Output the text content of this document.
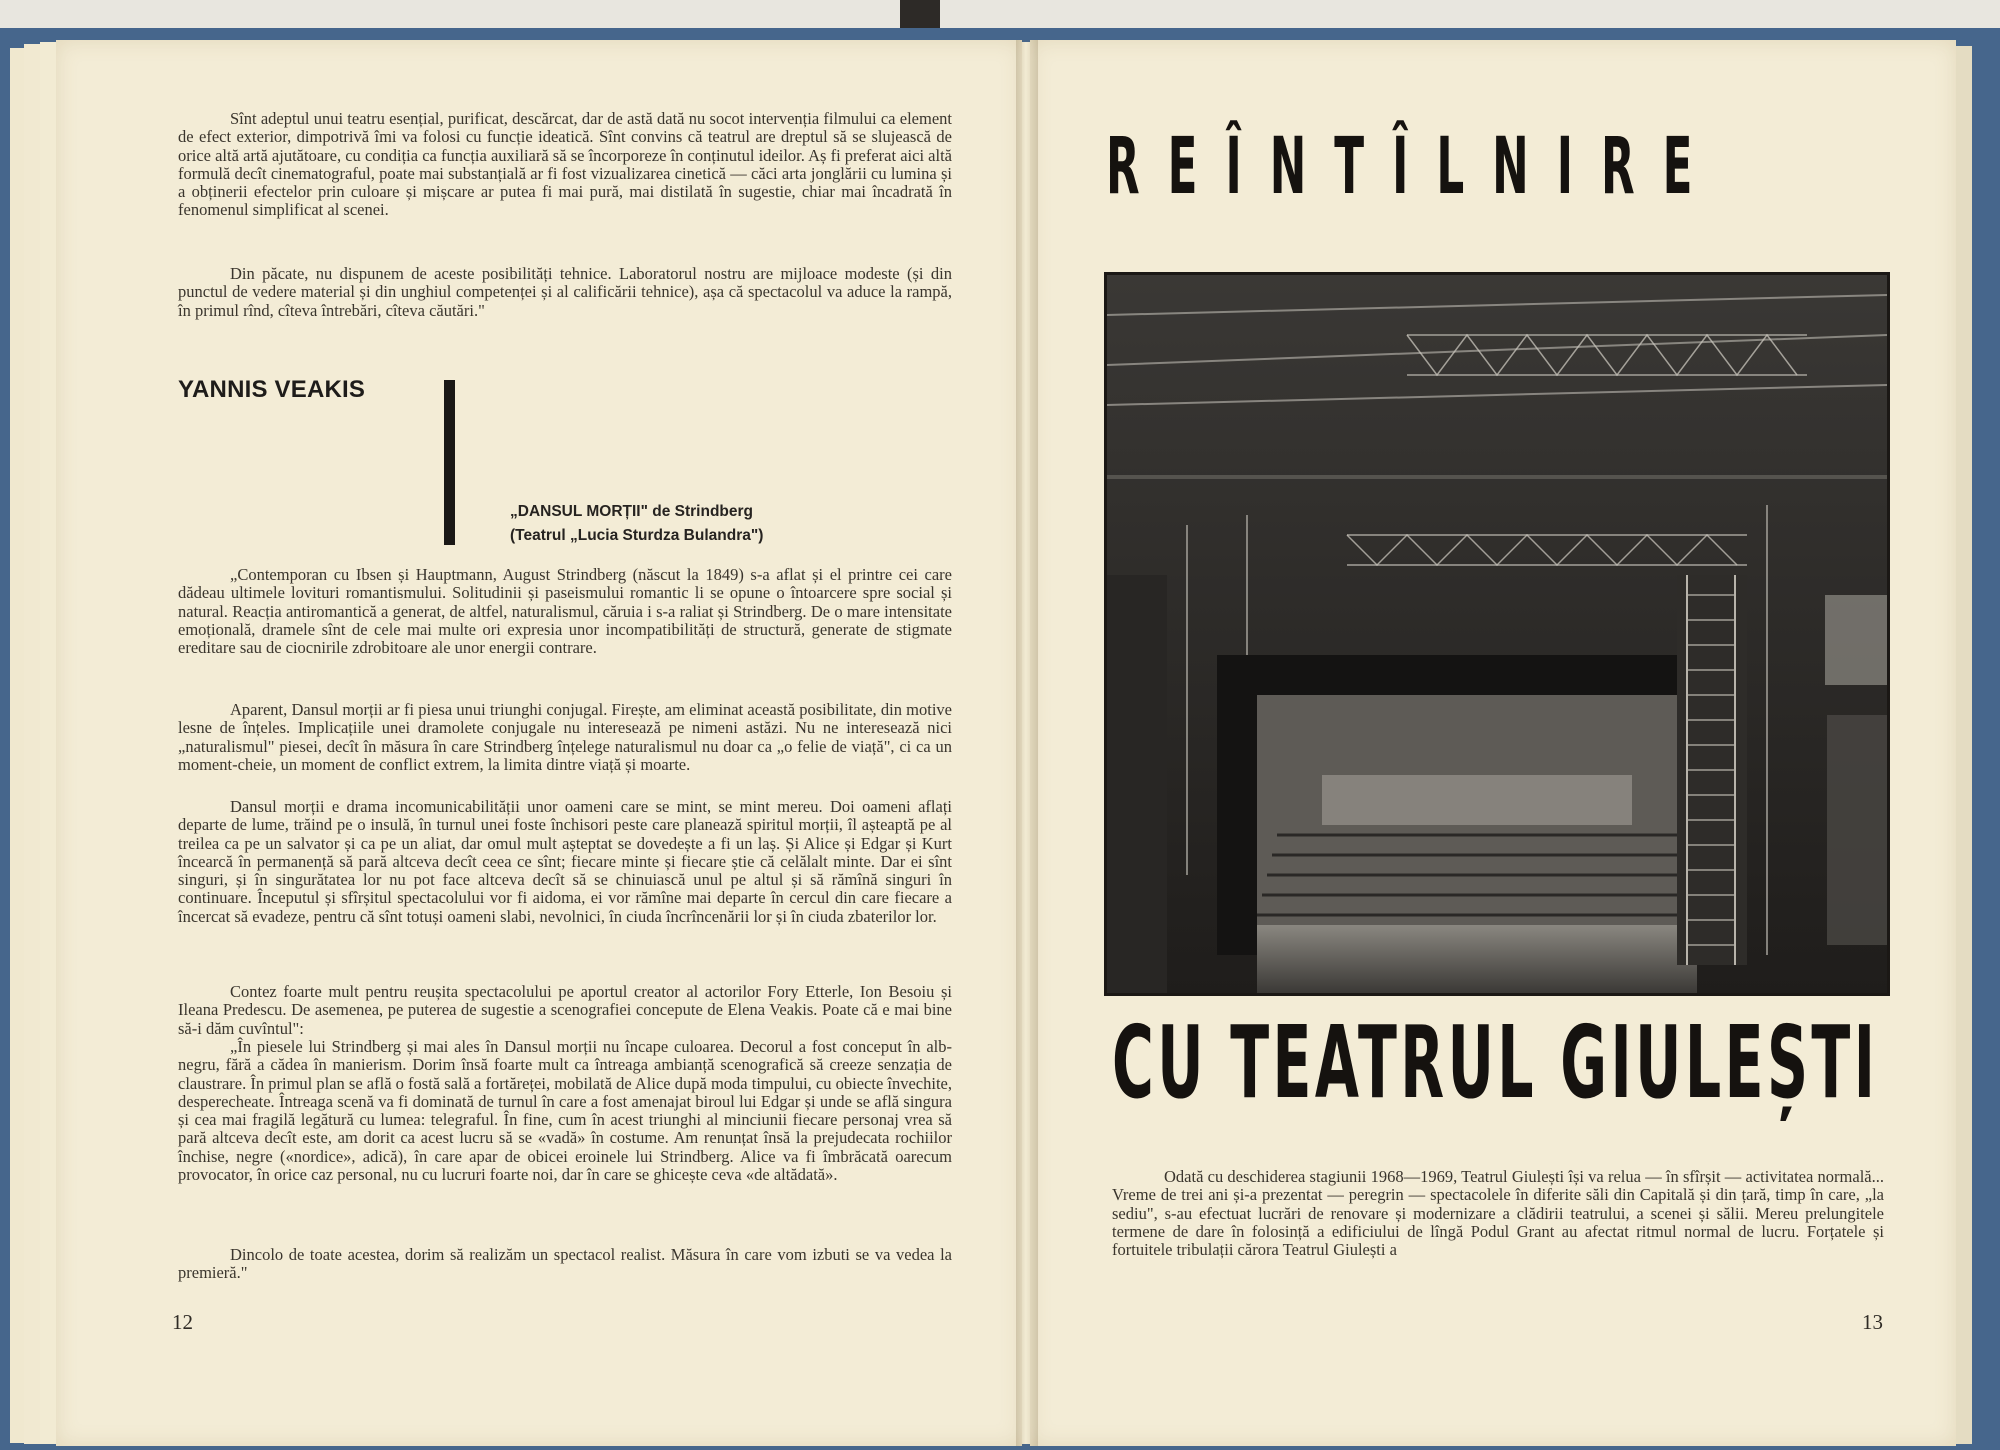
Sînt adeptul unui teatru esențial, purificat, descărcat, dar de astă dată nu socot intervenția filmului ca element de efect exterior, dimpotrivă îmi va folosi cu funcție ideatică. Sînt convins că teatrul are dreptul să se slujească de orice altă artă ajutătoare, cu condiția ca funcția auxiliară să se încorporeze în conținutul ideilor. Aș fi preferat aici altă formulă decît cinematograful, poate mai substanțială ar fi fost vizualizarea cinetică — căci arta jonglării cu lumina și a obținerii efectelor prin culoare și mișcare ar putea fi mai pură, mai distilată în sugestie, chiar mai încadrată în fenomenul simplificat al scenei.

Din păcate, nu dispunem de aceste posibilități tehnice. Laboratorul nostru are mijloace modeste (și din punctul de vedere material și din unghiul competenței și al calificării tehnice), așa că spectacolul va aduce la rampă, în primul rînd, cîteva întrebări, cîteva căutări."

YANNIS VEAKIS
„DANSUL MORȚII" de Strindberg
(Teatrul „Lucia Sturdza Bulandra")

„Contemporan cu Ibsen și Hauptmann, August Strindberg (născut la 1849) s-a aflat și el printre cei care dădeau ultimele lovituri romantismului. Solitudinii și paseismului romantic li se opune o întoarcere spre social și natural. Reacția antiromantică a generat, de altfel, naturalismul, căruia i s-a raliat și Strindberg. De o mare intensitate emoțională, dramele sînt de cele mai multe ori expresia unor incompatibilități de structură, generate de stigmate ereditare sau de ciocnirile zdrobitoare ale unor energii contrare.

Aparent, Dansul morții ar fi piesa unui triunghi conjugal. Firește, am eliminat această posibilitate, din motive lesne de înțeles. Implicațiile unei dramolete conjugale nu interesează pe nimeni astăzi. Nu ne interesează nici „naturalismul" piesei, decît în măsura în care Strindberg înțelege naturalismul nu doar ca „o felie de viață", ci ca un moment-cheie, un moment de conflict extrem, la limita dintre viață și moarte.

Dansul morții e drama incomunicabilității unor oameni care se mint, se mint mereu. Doi oameni aflați departe de lume, trăind pe o insulă, în turnul unei foste închisori peste care planează spiritul morții, îl așteaptă pe al treilea ca pe un salvator și ca pe un aliat, dar omul mult așteptat se dovedește a fi un laș. Și Alice și Edgar și Kurt încearcă în permanență să pară altceva decît ceea ce sînt; fiecare minte și fiecare știe că celălalt minte. Dar ei sînt singuri, și în singurătatea lor nu pot face altceva decît să se chinuiască unul pe altul și să rămînă singuri în continuare. Începutul și sfîrșitul spectacolului vor fi aidoma, ei vor rămîne mai departe în cercul din care fiecare a încercat să evadeze, pentru că sînt totuși oameni slabi, nevolnici, în ciuda încrîncenării lor și în ciuda zbaterilor lor.

Contez foarte mult pentru reușita spectacolului pe aportul creator al actorilor Fory Etterle, Ion Besoiu și Ileana Predescu. De asemenea, pe puterea de sugestie a scenografiei concepute de Elena Veakis. Poate că e mai bine să-i dăm cuvîntul":

„În piesele lui Strindberg și mai ales în Dansul morții nu încape culoarea. Decorul a fost conceput în alb-negru, fără a cădea în manierism. Dorim însă foarte mult ca întreaga ambianță scenografică să creeze senzația de claustrare. În primul plan se află o fostă sală a fortăreței, mobilată de Alice după moda timpului, cu obiecte învechite, desperecheate. Întreaga scenă va fi dominată de turnul în care a fost amenajat biroul lui Edgar și unde se află singura și cea mai fragilă legătură cu lumea: telegraful. În fine, cum în acest triunghi al minciunii fiecare personaj vrea să pară altceva decît este, am dorit ca acest lucru să se «vadă» în costume. Am renunțat însă la prejudecata rochiilor închise, negre («nordice», adică), în care apar de obicei eroinele lui Strindberg. Alice va fi îmbrăcată oarecum provocator, în orice caz personal, nu cu lucruri foarte noi, dar în care se ghicește ceva «de altădată».

Dincolo de toate acestea, dorim să realizăm un spectacol realist. Măsura în care vom izbuti se va vedea la premieră."

12

REÎNTÎLNIRE
CU TEATRUL GIULEȘTI

Odată cu deschiderea stagiunii 1968—1969, Teatrul Giulești își va relua — în sfîrșit — activitatea normală... Vreme de trei ani și-a prezentat — peregrin — spectacolele în diferite săli din Capitală și din țară, timp în care, „la sediu", s-au efectuat lucrări de renovare și modernizare a clădirii teatrului, a scenei și sălii. Mereu prelungitele termene de dare în folosință a edificiului de lîngă Podul Grant au afectat ritmul normal de lucru. Forțatele și fortuitele tribulații cărora Teatrul Giulești a

13
